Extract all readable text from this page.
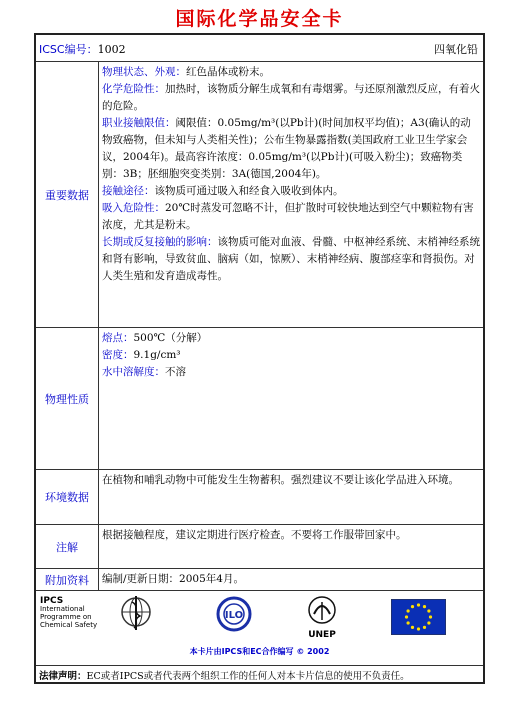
国际化学品安全卡
ICSC编号：1002	四氧化铅
重要数据

物理状态、外观：红色晶体或粉末。

化学危险性：加热时，该物质分解生成氧和有毒烟雾。与还原剂激烈反应，有着火的危险。

职业接触限值：阈限值：0.05mg/m³(以Pb计)(时间加权平均值)；A3(确认的动物致癌物，但未知与人类相关性)；公布生物暴露指数(美国政府工业卫生学家会议，2004年)。最高容许浓度：0.05mg/m³(以Pb计)(可吸入粉尘)；致癌物类别：3B；胚细胞突变类别：3A(德国,2004年)。

接触途径：该物质可通过吸入和经食入吸收到体内。

吸入危险性：20℃时蒸发可忽略不计，但扩散时可较快地达到空气中颗粒物有害浓度，尤其是粉末。

长期或反复接触的影响：该物质可能对血液、骨髓、中枢神经系统、末梢神经系统和肾有影响，导致贫血、脑病（如，惊厥）、末梢神经病、腹部痉挛和肾损伤。对人类生殖和发育造成毒性。

物理性质

熔点：500℃（分解）

密度：9.1g/cm³

水中溶解度：不溶

环境数据
在植物和哺乳动物中可能发生生物蓄积。强烈建议不要让该化学品进入环境。
注解
根据接触程度，建议定期进行医疗检查。不要将工作服带回家中。
附加资料	编制/更新日期：2005年4月。
IPCS
International
Programme on
Chemical Safety
ILO
UNEP
本卡片由IPCS和EC合作编写 © 2002
法律声明：EC或者IPCS或者代表两个组织工作的任何人对本卡片信息的使用不负责任。
